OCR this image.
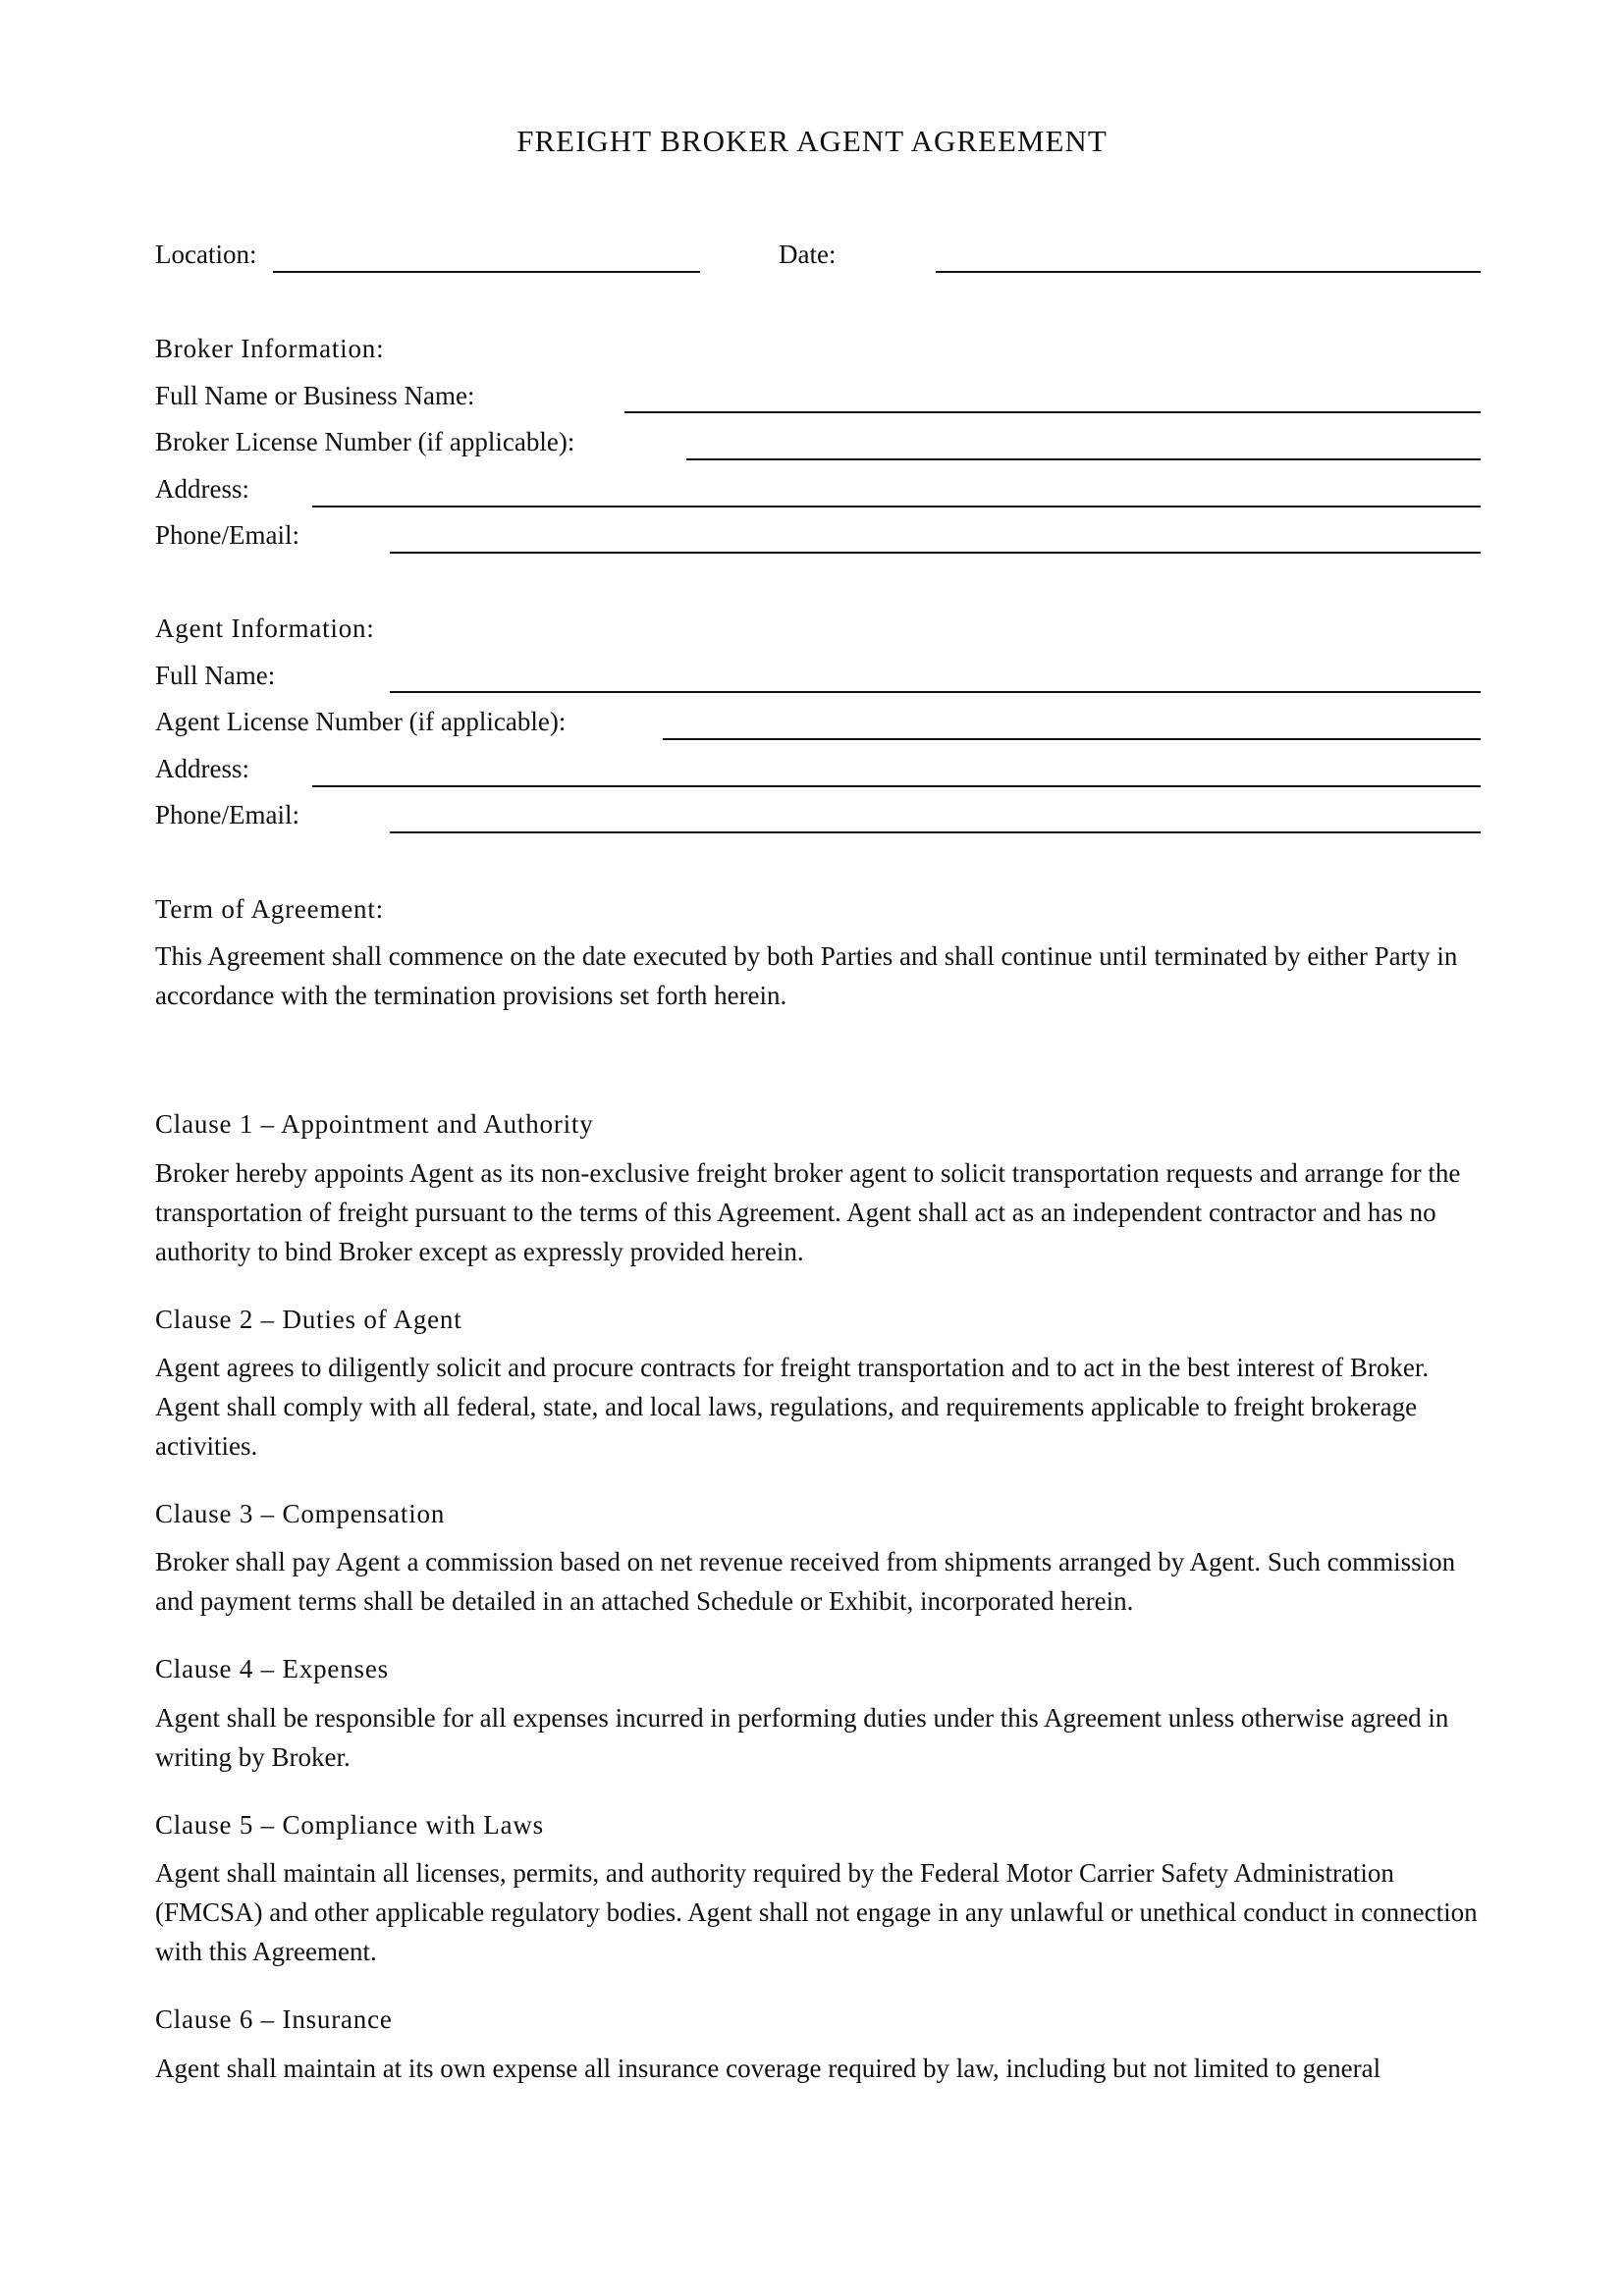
FREIGHT BROKER AGENT AGREEMENT
Location:	Date:
Broker Information:
Full Name or Business Name:
Broker License Number (if applicable):
Address:
Phone/Email:
Agent Information:
Full Name:
Agent License Number (if applicable):
Address:
Phone/Email:
Term of Agreement:
This Agreement shall commence on the date executed by both Parties and shall continue until terminated by either Party in accordance with the termination provisions set forth herein.
Clause 1 – Appointment and Authority
Broker hereby appoints Agent as its non-exclusive freight broker agent to solicit transportation requests and arrange for the transportation of freight pursuant to the terms of this Agreement. Agent shall act as an independent contractor and has no authority to bind Broker except as expressly provided herein.
Clause 2 – Duties of Agent
Agent agrees to diligently solicit and procure contracts for freight transportation and to act in the best interest of Broker. Agent shall comply with all federal, state, and local laws, regulations, and requirements applicable to freight brokerage activities.
Clause 3 – Compensation
Broker shall pay Agent a commission based on net revenue received from shipments arranged by Agent. Such commission and payment terms shall be detailed in an attached Schedule or Exhibit, incorporated herein.
Clause 4 – Expenses
Agent shall be responsible for all expenses incurred in performing duties under this Agreement unless otherwise agreed in writing by Broker.
Clause 5 – Compliance with Laws
Agent shall maintain all licenses, permits, and authority required by the Federal Motor Carrier Safety Administration (FMCSA) and other applicable regulatory bodies. Agent shall not engage in any unlawful or unethical conduct in connection with this Agreement.
Clause 6 – Insurance
Agent shall maintain at its own expense all insurance coverage required by law, including but not limited to general
